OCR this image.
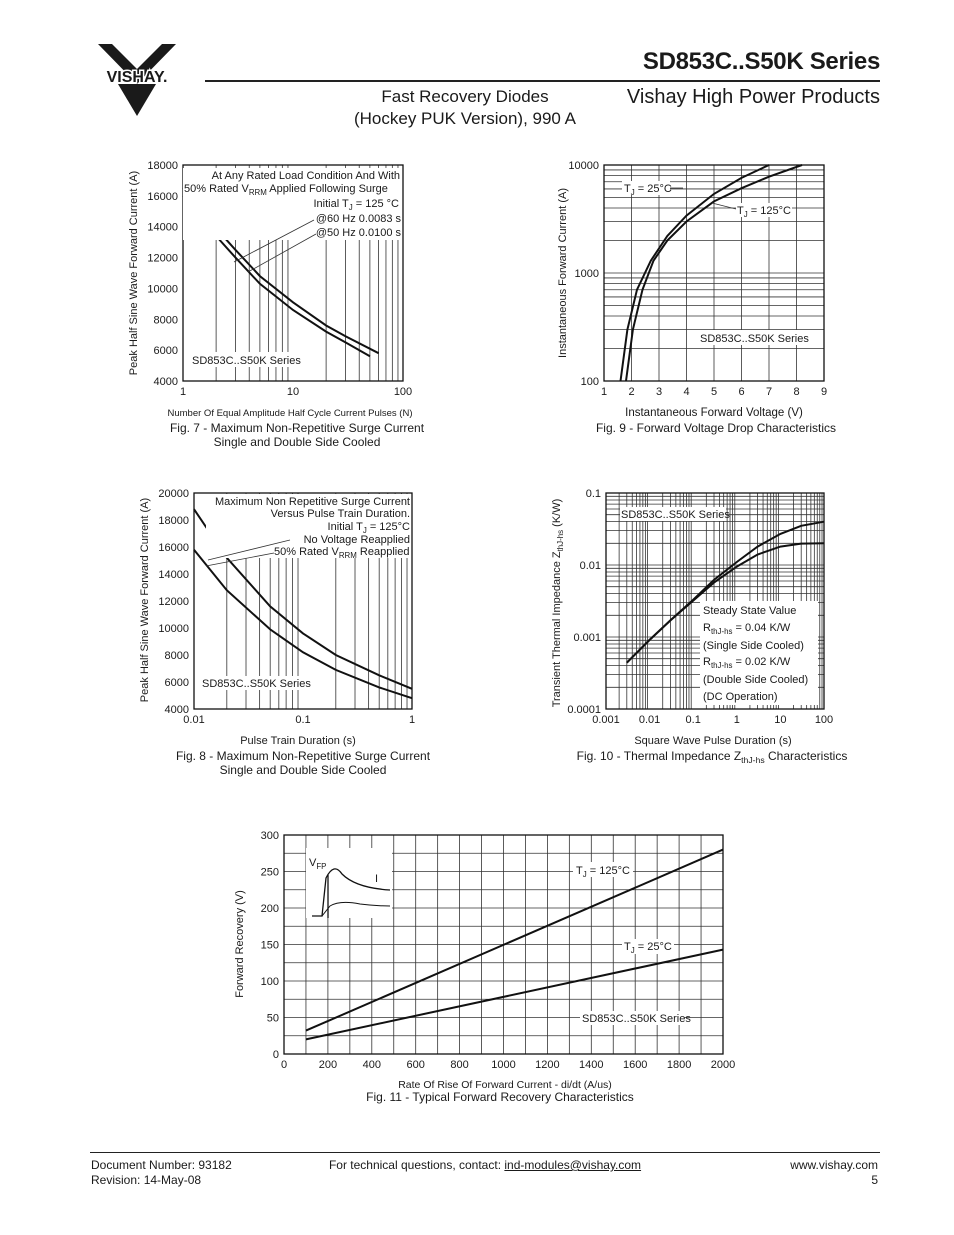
VISHAY.
SD853C..S50K Series
Fast Recovery Diodes
(Hockey PUK Version), 990 A
Vishay High Power Products
1	10	100
4000
6000
8000
10000
12000
14000
16000
18000
Number Of Equal Amplitude Half Cycle Current Pulses (N)
Peak Half Sine Wave Forward Current (A)	At Any Rated Load Condition And With
50% Rated $V_{RRM}$ Applied Following Surge
Initial $T_J = 125$ °C
@60 Hz 0.0083 s
@50 Hz 0.0100 s
SD853C..S50K Series
Fig. 7 - Maximum Non-Repetitive Surge Current
Single and Double Side Cooled
1 2 3 4 5 6 7 8 9
100
1000
10000
Instantaneous Forward Voltage (V)
Instantaneous Forward Current (A)	$T_J = 25^\circ C$
$T_J = 125^\circ C$
SD853C..S50K Series
Fig. 9 - Forward Voltage Drop Characteristics
0.01	0.1	1
4000
6000
8000
10000
12000
14000
16000
18000
20000
Pulse Train Duration (s)
Peak Half Sine Wave Forward Current (A)	Maximum Non Repetitive Surge Current
Versus Pulse Train Duration.
Initial $T_J = 125^\circ C$
No Voltage Reapplied
50% Rated $V_{RRM}$ Reapplied
SD853C..S50K Series
Fig. 8 - Maximum Non-Repetitive Surge Current
Single and Double Side Cooled
0.001 0.01 0.1	1	10	100
0.0001
0.001
0.01
0.1
Square Wave Pulse Duration (s)
Transient Thermal Impedance $Z_{thJ-hs}$ (K/W)	SD853C..S50K Series
Steady State Value
$R_{thJ-hs} = 0.04$ K/W
(Single Side Cooled)
$R_{thJ-hs} = 0.02$ K/W
(Double Side Cooled)
(DC Operation)
Fig. 10 - Thermal Impedance $Z_{thJ-hs}$ Characteristics
0	200 400 600 800 1000 1200 1400 1600 1800 2000
0
50
100
150
200
250
300
Rate Of Rise Of Forward Current - di/dt (A/us)
Forward Recovery (V)
$V_{FP}$
I
$T_J = 125^\circ C$
$T_J = 25^\circ C$
SD853C..S50K Series
Fig. 11 - Typical Forward Recovery Characteristics
Document Number: 93182
Revision: 14-May-08
For technical questions, contact: ind-modules@vishay.com	www.vishay.com
5
